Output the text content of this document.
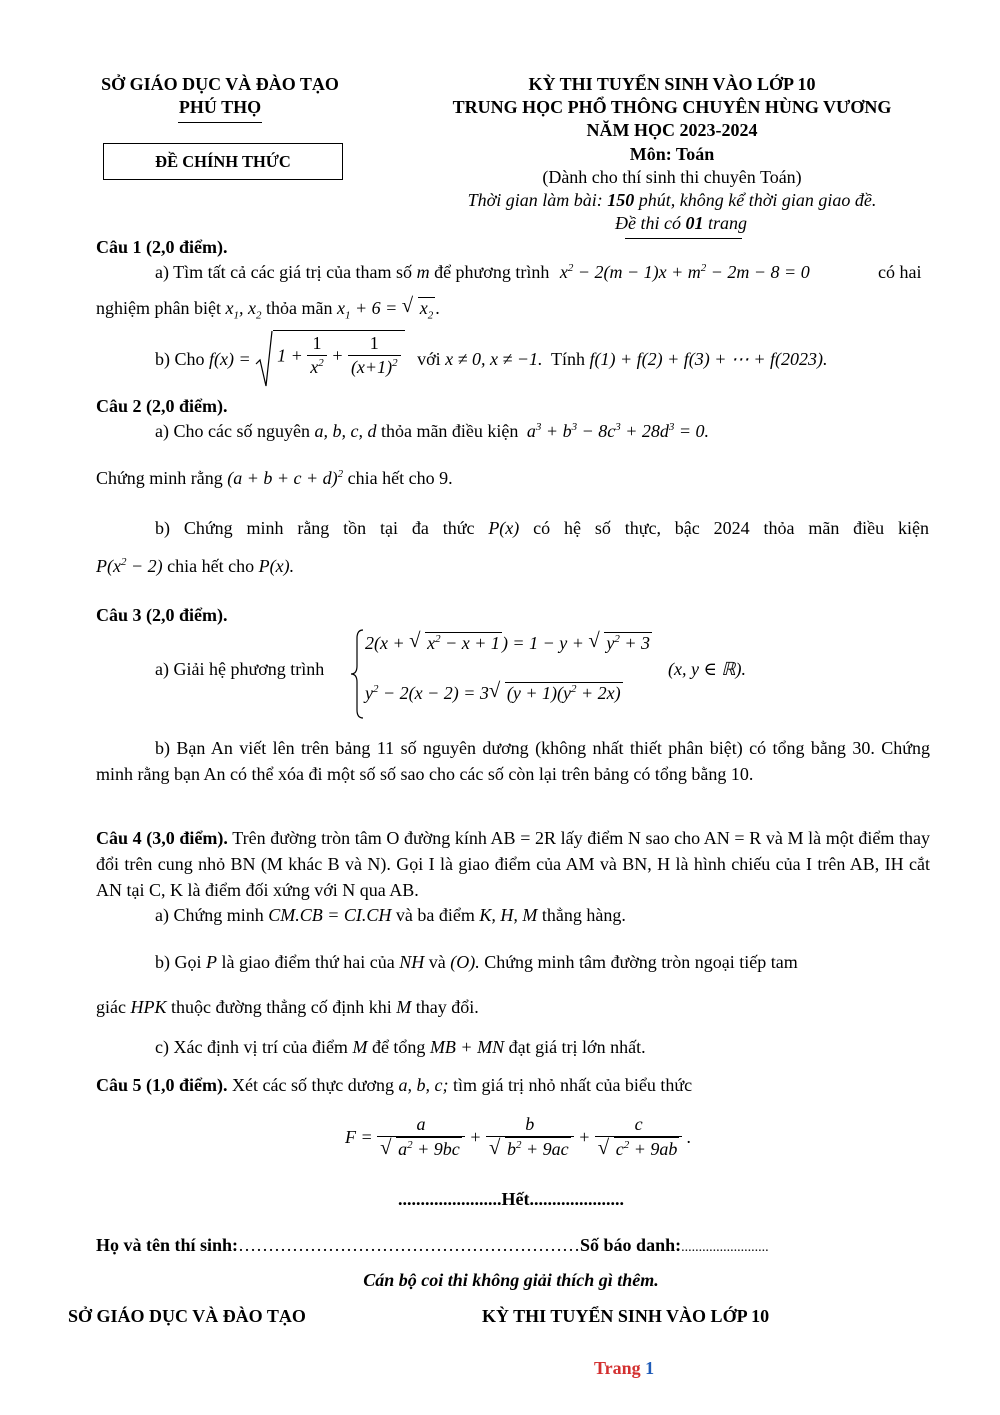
SỞ GIÁO DỤC VÀ ĐÀO TẠO
PHÚ THỌ
ĐỀ CHÍNH THỨC
KỲ THI TUYỂN SINH VÀO LỚP 10
TRUNG HỌC PHỔ THÔNG CHUYÊN HÙNG VƯƠNG
NĂM HỌC 2023-2024
Môn: Toán
(Dành cho thí sinh thi chuyên Toán)
Thời gian làm bài: 150 phút, không kể thời gian giao đề.
Đề thi có 01 trang
Câu 1 (2,0 điểm).
a) Tìm tất cả các giá trị của tham số m để phương trình $x^2 - 2(m - 1)x + m^2 - 2m - 8 = 0$	có hai
nghiệm phân biệt $x_1$, $x_2$ thỏa mãn $x_1 + 6$ = √ $x_2$ .
b) Cho f(x) =
$1 + \frac{1}{x^2} + \frac{1}{(x+1)^2}$ với x ≠ 0, x ≠ −1. Tính f(1) + f(2) + f(3) + ⋯ + f(2023).
Câu 2 (2,0 điểm).
a) Cho các số nguyên a, b, c, d thỏa mãn điều kiện $a^3 + b^3 - 8c^3 + 28d^3 = 0$.
Chứng minh rằng $(a + b + c + d)^2$ chia hết cho 9.
b) Chứng minh rằng tồn tại đa thức P(x) có hệ số thực, bậc 2024 thỏa mãn điều kiện
$P(x^2 - 2)$ chia hết cho P(x).
Câu 3 (2,0 điểm).
a) Giải hệ phương trình
2(x + √ $x^2 - x + 1$ ) = 1 − y + √ $y^2 + 3$
$y^2 - 2(x - 2) = 3$ √ $(y + 1)(y^2 + 2x)$
(x, y ∈ ℝ).
b) Bạn An viết lên trên bảng 11 số nguyên dương (không nhất thiết phân biệt) có tổng bằng 30. Chứng minh rằng bạn An có thể xóa đi một số số sao cho các số còn lại trên bảng có tổng bằng 10.
Câu 4 (3,0 điểm). Trên đường tròn tâm O đường kính AB = 2R lấy điểm N sao cho AN = R và M là một điểm thay đổi trên cung nhỏ BN (M khác B và N). Gọi I là giao điểm của AM và BN, H là hình chiếu của I trên AB, IH cắt AN tại C, K là điểm đối xứng với N qua AB.
a) Chứng minh CM.CB = CI.CH và ba điểm K, H, M thẳng hàng.
b) Gọi P là giao điểm thứ hai của NH và (O). Chứng minh tâm đường tròn ngoại tiếp tam
giác HPK thuộc đường thẳng cố định khi M thay đổi.
c) Xác định vị trí của điểm M để tổng MB + MN đạt giá trị lớn nhất.
Câu 5 (1,0 điểm). Xét các số thực dương a, b, c; tìm giá trị nhỏ nhất của biểu thức
$F = \frac{a}{√ a^2 + 9bc} + \frac{b}{√ b^2 + 9ac} + \frac{c}{√ c^2 + 9ab}$ .
.......................Hết.....................
Họ và tên thí sinh:…………………………………………………Số báo danh:.........................
Cán bộ coi thi không giải thích gì thêm.
SỞ GIÁO DỤC VÀ ĐÀO TẠO	KỲ THI TUYỂN SINH VÀO LỚP 10
Trang 1
